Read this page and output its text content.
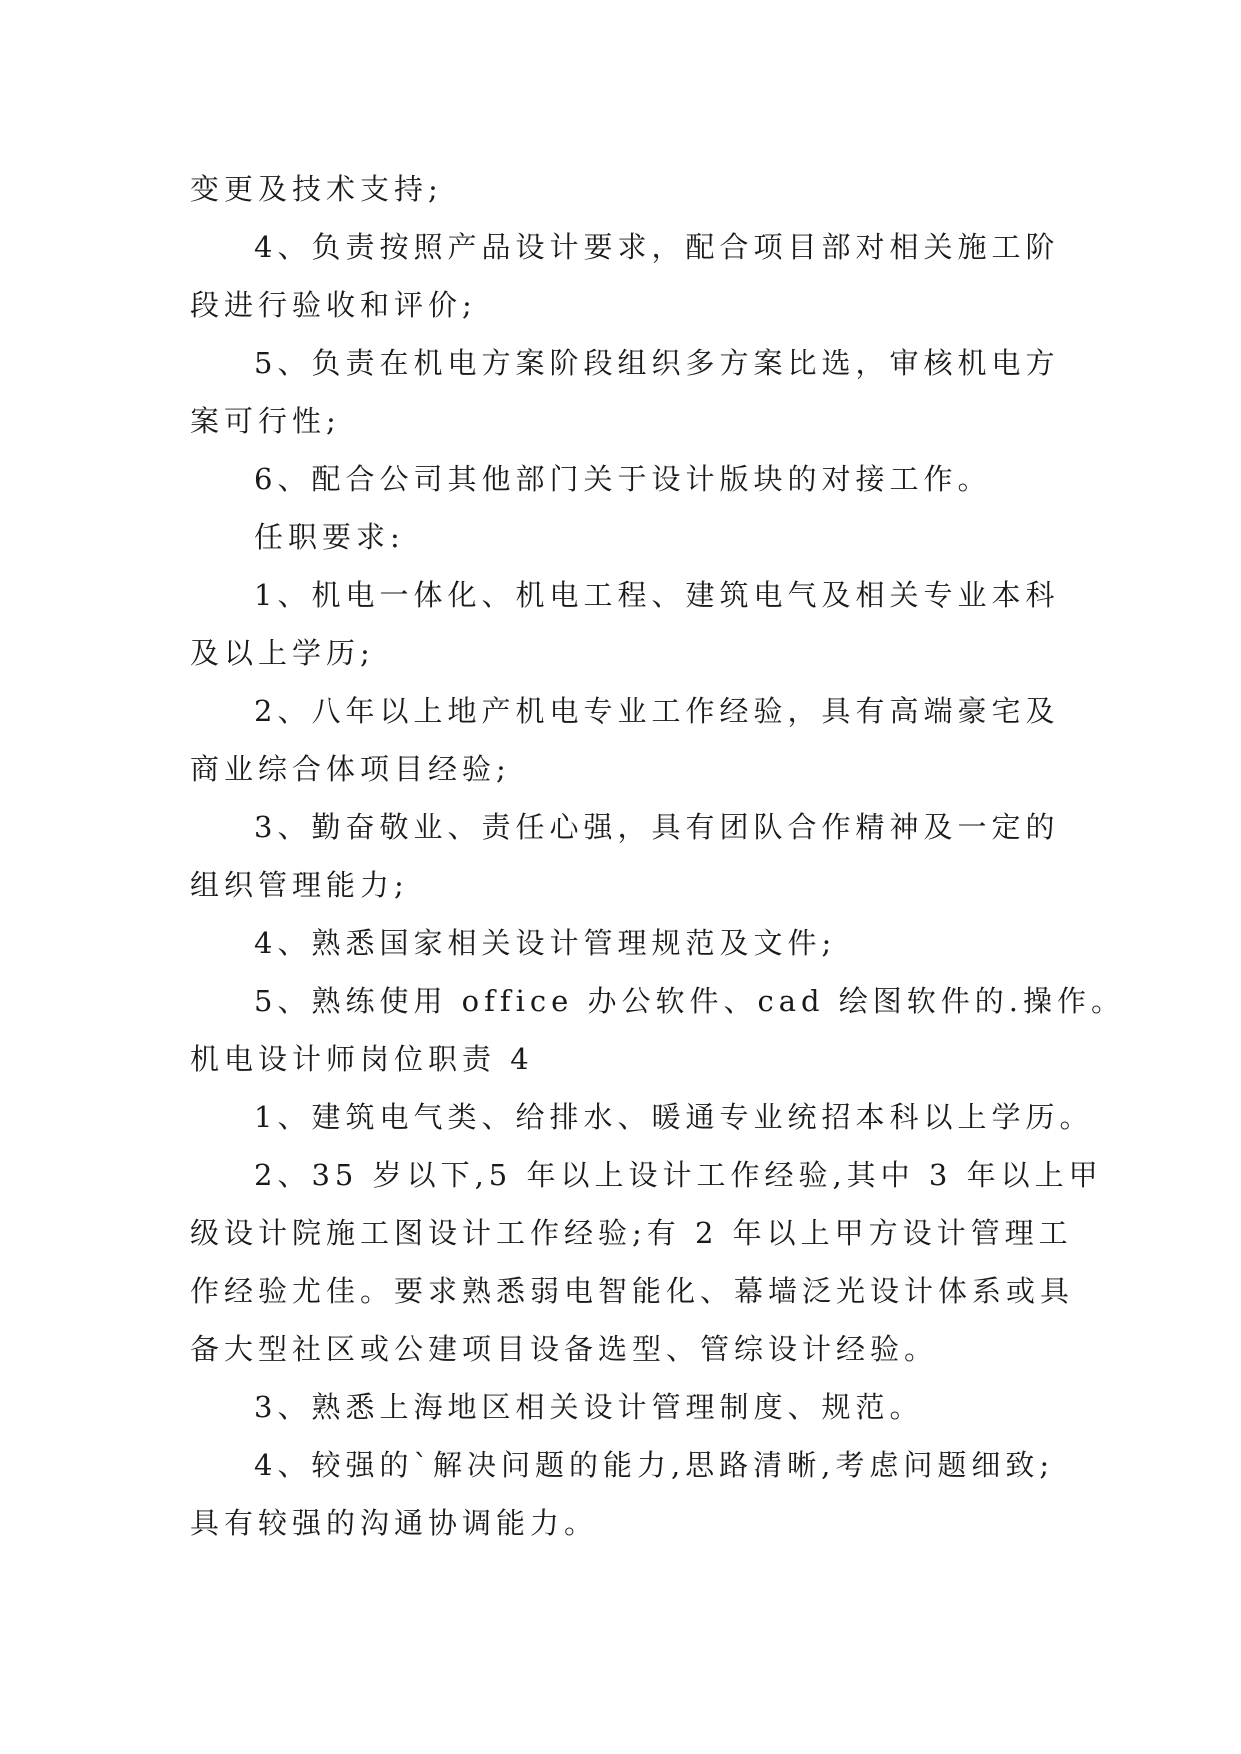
变更及技术支持;
4、负责按照产品设计要求，配合项目部对相关施工阶
段进行验收和评价;
5、负责在机电方案阶段组织多方案比选，审核机电方
案可行性;
6、配合公司其他部门关于设计版块的对接工作。
任职要求:
1、机电一体化、机电工程、建筑电气及相关专业本科
及以上学历;
2、八年以上地产机电专业工作经验，具有高端豪宅及
商业综合体项目经验;
3、勤奋敬业、责任心强，具有团队合作精神及一定的
组织管理能力;
4、熟悉国家相关设计管理规范及文件;
5、熟练使用 office 办公软件、cad 绘图软件的.操作。
机电设计师岗位职责 4
1、建筑电气类、给排水、暖通专业统招本科以上学历。
2、35 岁以下,5 年以上设计工作经验,其中 3 年以上甲
级设计院施工图设计工作经验;有 2 年以上甲方设计管理工
作经验尤佳。要求熟悉弱电智能化、幕墙泛光设计体系或具
备大型社区或公建项目设备选型、管综设计经验。
3、熟悉上海地区相关设计管理制度、规范。
4、较强的`解决问题的能力,思路清晰,考虑问题细致;
具有较强的沟通协调能力。
